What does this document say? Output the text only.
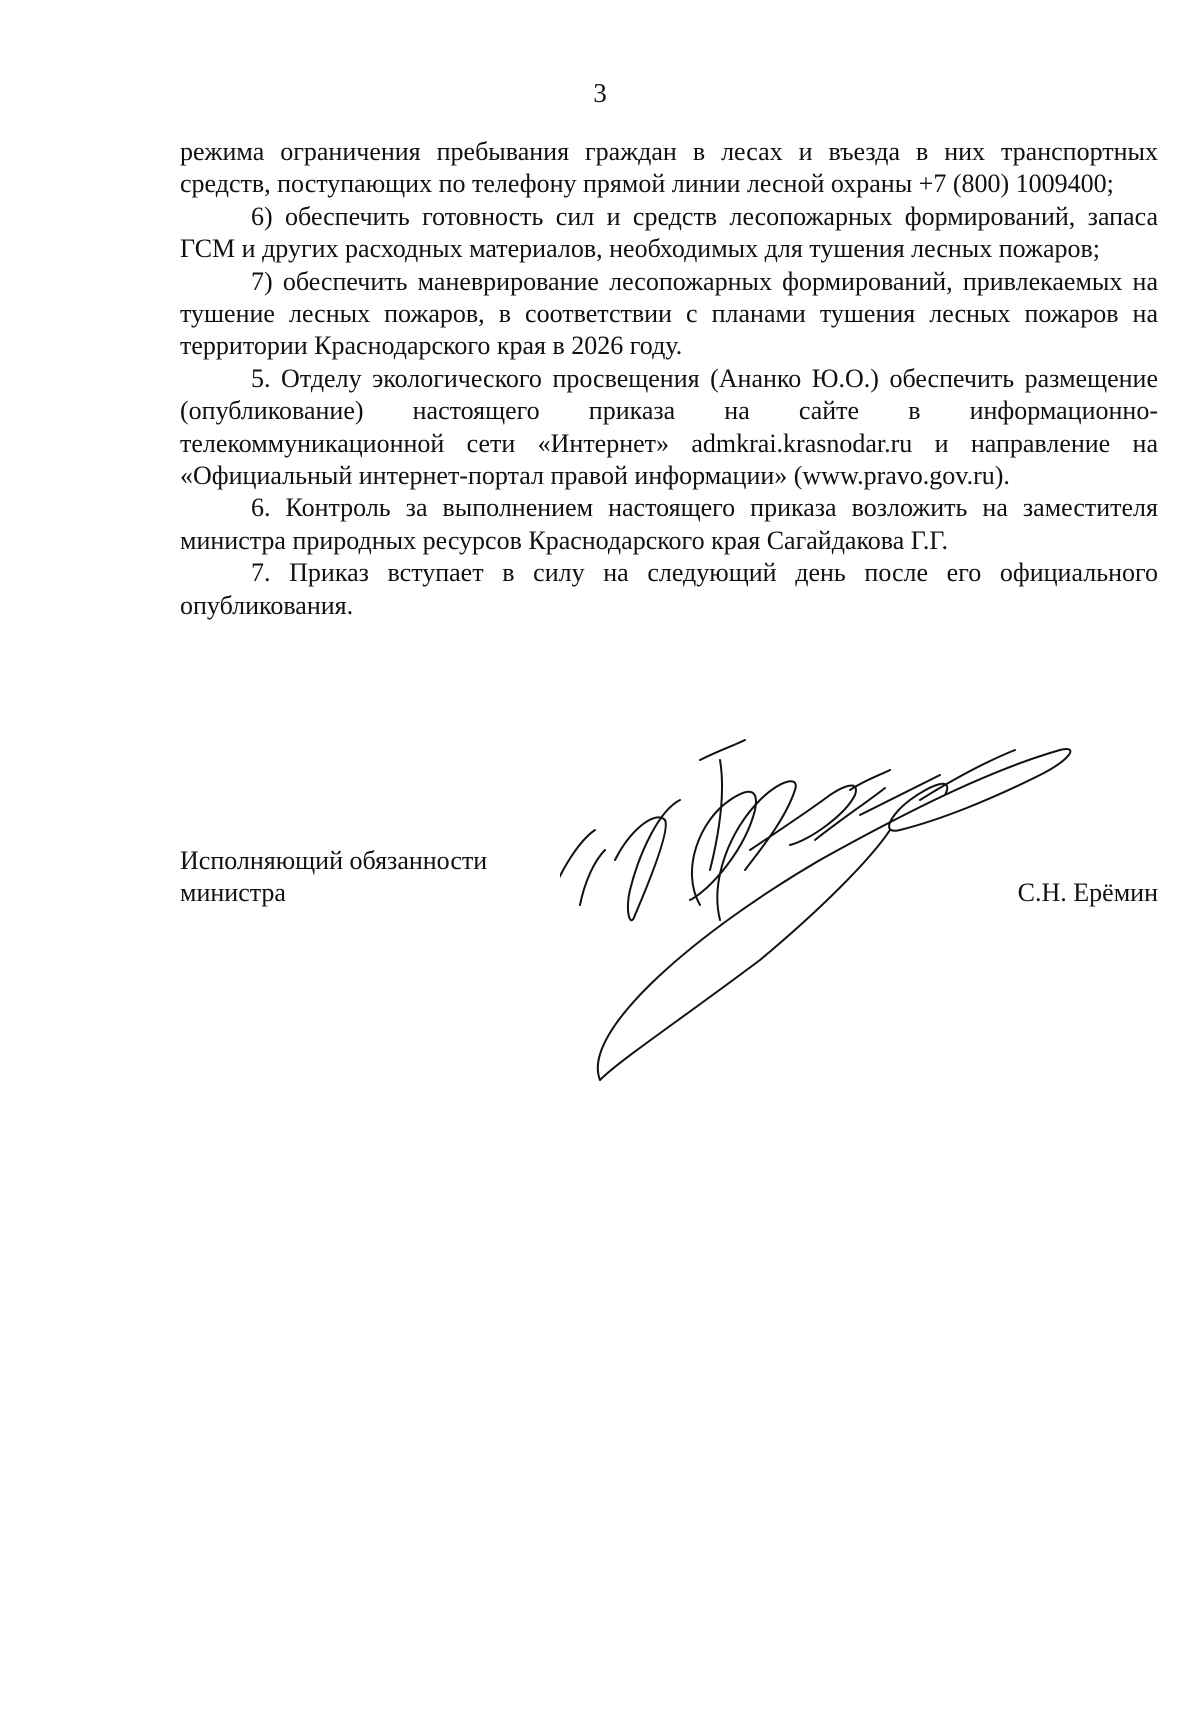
3

режима ограничения пребывания граждан в лесах и въезда в них транспортных средств, поступающих по телефону прямой линии лесной охраны +7 (800) 1009400;

6) обеспечить готовность сил и средств лесопожарных формирований, запаса ГСМ и других расходных материалов, необходимых для тушения лесных пожаров;

7) обеспечить маневрирование лесопожарных формирований, привлекаемых на тушение лесных пожаров, в соответствии с планами тушения лесных пожаров на территории Краснодарского края в 2026 году.

5. Отделу экологического просвещения (Ананко Ю.О.) обеспечить размещение (опубликование) настоящего приказа на сайте в информационно-телекоммуникационной сети «Интернет» admkrai.krasnodar.ru и направление на «Официальный интернет-портал правой информации» (www.pravo.gov.ru).

6. Контроль за выполнением настоящего приказа возложить на заместителя министра природных ресурсов Краснодарского края Сагайдакова Г.Г.

7. Приказ вступает в силу на следующий день после его официального опубликования.

Исполняющий обязанности
министра	С.Н. Ерёмин
